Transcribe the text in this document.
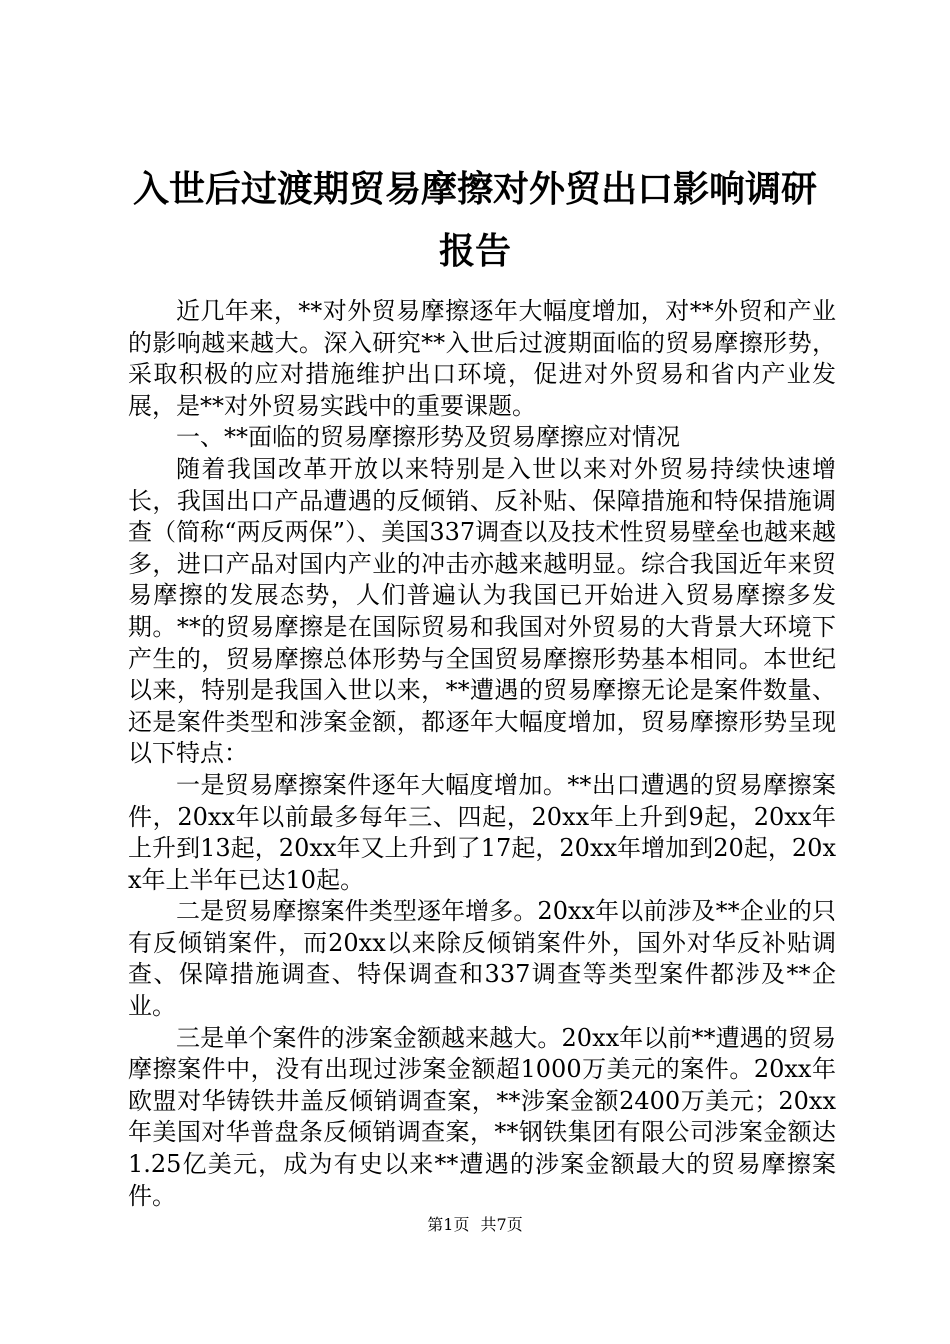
入世后过渡期贸易摩擦对外贸出口影响调研报告

近几年来，**对外贸易摩擦逐年大幅度增加，对**外贸和产业的影响越来越大。深入研究**入世后过渡期面临的贸易摩擦形势，采取积极的应对措施维护出口环境，促进对外贸易和省内产业发展，是**对外贸易实践中的重要课题。

一、**面临的贸易摩擦形势及贸易摩擦应对情况

随着我国改革开放以来特别是入世以来对外贸易持续快速增长，我国出口产品遭遇的反倾销、反补贴、保障措施和特保措施调查（简称“两反两保”）、美国337调查以及技术性贸易壁垒也越来越多，进口产品对国内产业的冲击亦越来越明显。综合我国近年来贸易摩擦的发展态势，人们普遍认为我国已开始进入贸易摩擦多发期。**的贸易摩擦是在国际贸易和我国对外贸易的大背景大环境下产生的，贸易摩擦总体形势与全国贸易摩擦形势基本相同。本世纪以来，特别是我国入世以来，**遭遇的贸易摩擦无论是案件数量、还是案件类型和涉案金额，都逐年大幅度增加，贸易摩擦形势呈现以下特点：

一是贸易摩擦案件逐年大幅度增加。**出口遭遇的贸易摩擦案件，20xx年以前最多每年三、四起，20xx年上升到9起，20xx年上升到13起，20xx年又上升到了17起，20xx年增加到20起，20xx年上半年已达10起。

二是贸易摩擦案件类型逐年增多。20xx年以前涉及**企业的只有反倾销案件，而20xx以来除反倾销案件外，国外对华反补贴调查、保障措施调查、特保调查和337调查等类型案件都涉及**企业。

三是单个案件的涉案金额越来越大。20xx年以前**遭遇的贸易摩擦案件中，没有出现过涉案金额超1000万美元的案件。20xx年欧盟对华铸铁井盖反倾销调查案，**涉案金额2400万美元；20xx年美国对华普盘条反倾销调查案，**钢铁集团有限公司涉案金额达1.25亿美元，成为有史以来**遭遇的涉案金额最大的贸易摩擦案件。

第1页 共7页
